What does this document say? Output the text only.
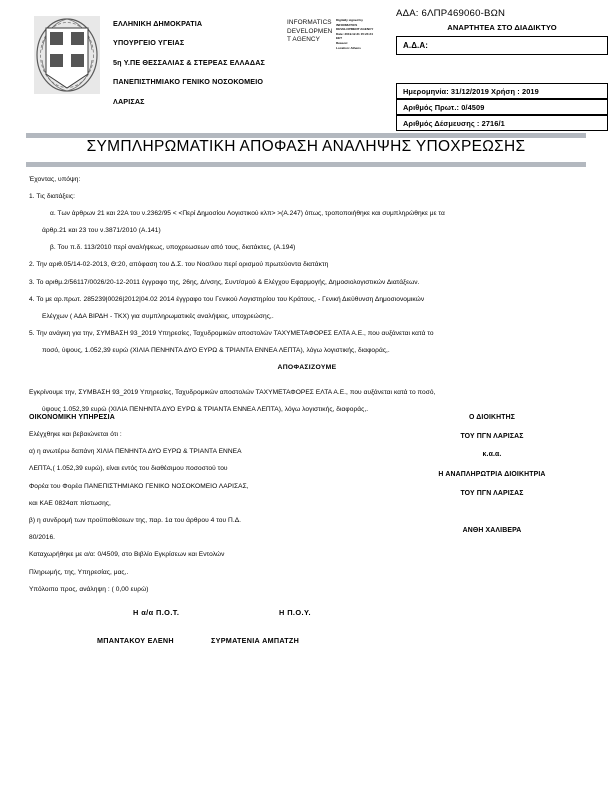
ΕΛΛΗΝΙΚΗ ΔΗΜΟΚΡΑΤΙΑ
ΥΠΟΥΡΓΕΙΟ ΥΓΕΙΑΣ
5η Υ.ΠΕ ΘΕΣΣΑΛΙΑΣ & ΣΤΕΡΕΑΣ ΕΛΛΑΔΑΣ
ΠΑΝΕΠΙΣΤΗΜΙΑΚΟ ΓΕΝΙΚΟ ΝΟΣΟΚΟΜΕΙΟ
ΛΑΡΙΣΑΣ
INFORMATICS
DEVELOPMEN
T AGENCY
Digitally signed by
INFORMATICS
DEVELOPMENT AGENCY
Date: 2019.12.31 15:24:24
EET
Reason:
Location: Athens
ΑΔΑ: 6ΛΠΡ469060-ΒΩΝ
ΑΝΑΡΤΗΤΕΑ ΣΤΟ ΔΙΑΔΙΚΤΥΟ
Α.Δ.Α:
Ημερομηνία: 31/12/2019 Χρήση : 2019
Αριθμός Πρωτ.: 0/4509
Αριθμός Δέσμευσης : 2716/1
ΣΥΜΠΛΗΡΩΜΑΤΙΚΗ ΑΠΟΦΑΣΗ ΑΝΑΛΗΨΗΣ ΥΠΟΧΡΕΩΣΗΣ
Έχοντας, υπόψη:
1. Τις διατάξεις:
α. Των άρθρων 21 και 22Α του ν.2362/95 < <Περί Δημοσίου Λογιστικού κλπ> >(Α.247) όπως, τροποποιήθηκε και συμπληρώθηκε με τα
άρθρ.21 και 23 του ν.3871/2010 (Α.141)
β. Του π.δ. 113/2010 περί αναλήψεως, υποχρεωσεων από τους, διατάκτες, (Α.194)
2. Την αριθ.05/14-02-2013, Θ:20, απόφαση του Δ.Σ. του Νοσ/λου περί ορισμού πρωτεύοντα διατάκτη
3. Το αριθμ.2/56117/0026/20-12-2011 έγγραφο της, 26ης, Δ/νσης, Συντ/σμού & Ελέγχου Εφαρμογής, Δημοσιολογιστικών Διατάξεων.
4. Το με αρ.πρωτ. 285239|0026|2012|04.02 2014 έγγραφο του Γενικού Λογιστηρίου του Κράτους, - Γενική Διεύθυνση Δημοσιονομικών
Ελέγχων ( ΑΔΑ ΒΙΡΔΗ - ΤΚΧ) για συμπληρωματικές αναλήψεις, υποχρεώσης,.
5. Την ανάγκη για την, ΣΥΜΒΑΣΗ 93_2019 Υπηρεσίες, Ταχυδρομικών αποστολών ΤΑΧΥΜΕΤΑΦΟΡΕΣ ΕΛΤΑ Α.Ε., που αυξάνεται κατά το
ποσό, ύψους, 1.052,39 ευρώ (ΧΙΛΙΑ ΠΕΝΗΝΤΑ ΔΥΟ ΕΥΡΩ & ΤΡΙΑΝΤΑ ΕΝΝΕΑ ΛΕΠΤΑ), λόγω λογιστικής, διαφοράς,.
ΑΠΟΦΑΣΙΖΟΥΜΕ
Εγκρίνουμε την, ΣΥΜΒΑΣΗ 93_2019 Υπηρεσίες, Ταχυδρομικών αποστολών ΤΑΧΥΜΕΤΑΦΟΡΕΣ ΕΛΤΑ Α.Ε., που αυξάνεται κατά το ποσό,
ύψους 1.052,39 ευρώ (ΧΙΛΙΑ ΠΕΝΗΝΤΑ ΔΥΟ ΕΥΡΩ & ΤΡΙΑΝΤΑ ΕΝΝΕΑ ΛΕΠΤΑ), λόγω λογιστικής, διαφοράς,.
ΟΙΚΟΝΟΜΙΚΗ ΥΠΗΡΕΣΙΑ
Ελέγχθηκε και βεβαιώνεται ότι :
α) η ανωτέρω δαπάνη ΧΙΛΙΑ ΠΕΝΗΝΤΑ ΔΥΟ ΕΥΡΩ & ΤΡΙΑΝΤΑ ΕΝΝΕΑ
ΛΕΠΤΑ,( 1.052,39 ευρώ), είναι εντός του διαθέσιμου ποσοστού του
Φορέα του Φορέα ΠΑΝΕΠΙΣΤΗΜΙΑΚΟ ΓΕΝΙΚΟ ΝΟΣΟΚΟΜΕΙΟ ΛΑΡΙΣΑΣ,
και ΚΑΕ 0824απ πίστωσης,
β) η συνδρομή των προϋποθέσεων της, παρ. 1α του άρθρου 4 του Π.Δ.
80/2016.
Καταχωρήθηκε με α/α: 0/4509, στο Βιβλίο Εγκρίσεων και Εντολών
Πληρωμής, της, Υπηρεσίας, μας,.
Υπόλοιπο προς, ανάληψη : ( 0,00 ευρώ)
Ο ΔΙΟΙΚΗΤΗΣ
ΤΟΥ ΠΓΝ ΛΑΡΙΣΑΣ
κ.α.α.
Η ΑΝΑΠΛΗΡΩΤΡΙΑ ΔΙΟΙΚΗΤΡΙΑ
ΤΟΥ ΠΓΝ ΛΑΡΙΣΑΣ
ΑΝΘΗ ΧΑΛΙΒΕΡΑ
Η α/α Π.Ο.Τ.	Η Π.Ο.Υ.
ΜΠΑΝΤΑΚΟΥ ΕΛΕΝΗ	ΣΥΡΜΑΤΕΝΙΑ ΑΜΠΑΤΖΗ
